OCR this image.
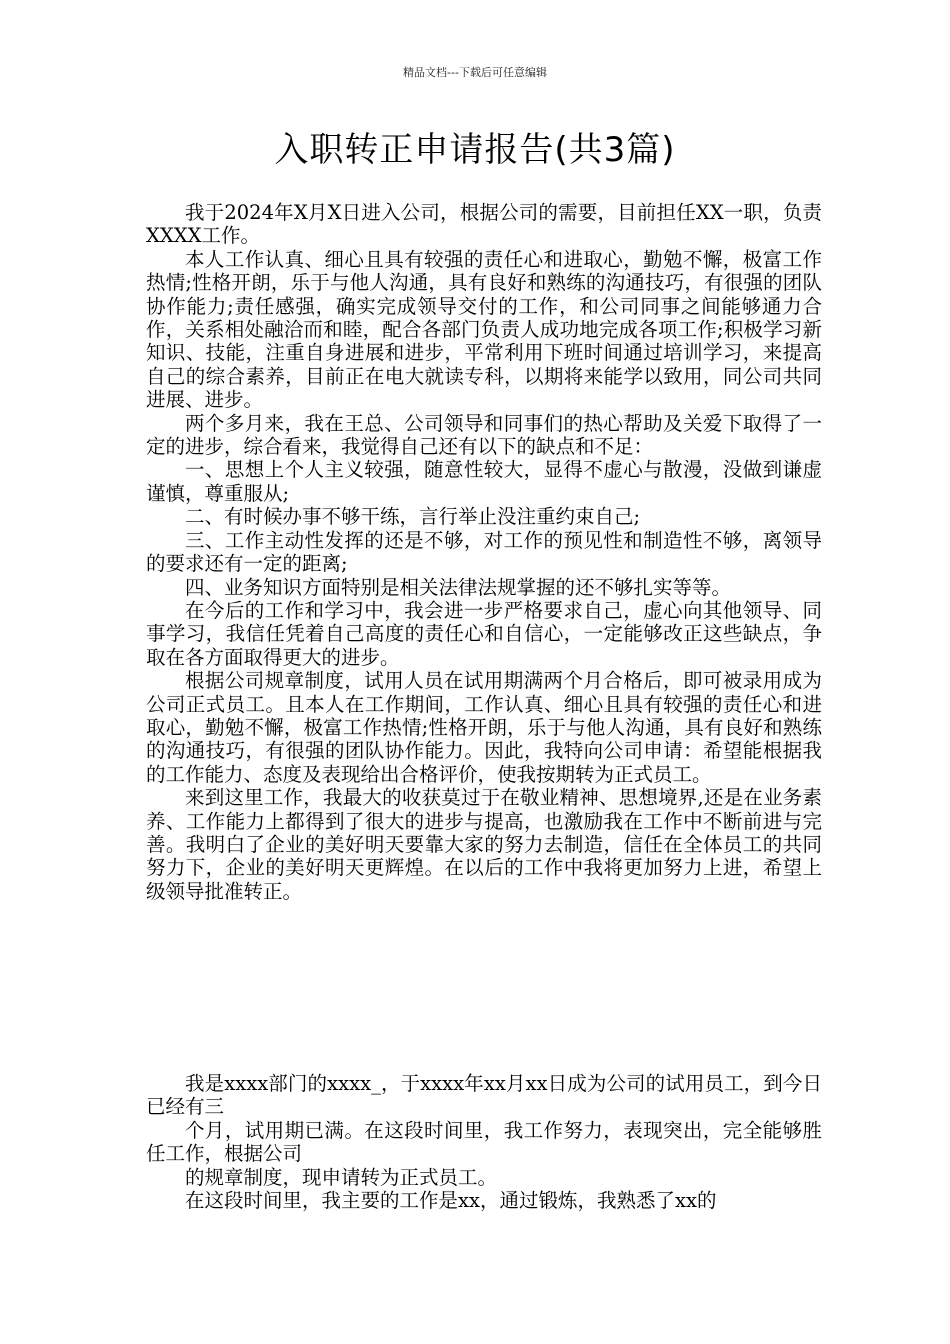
精品文档---下载后可任意编辑
入职转正申请报告(共3篇)

我于2024年X月X日进入公司，根据公司的需要，目前担任XX一职，负责XXXX工作。

本人工作认真、细心且具有较强的责任心和进取心，勤勉不懈，极富工作热情;性格开朗，乐于与他人沟通，具有良好和熟练的沟通技巧，有很强的团队协作能力;责任感强，确实完成领导交付的工作，和公司同事之间能够通力合作，关系相处融洽而和睦，配合各部门负责人成功地完成各项工作;积极学习新知识、技能，注重自身进展和进步，平常利用下班时间通过培训学习，来提高自己的综合素养，目前正在电大就读专科，以期将来能学以致用，同公司共同进展、进步。

两个多月来，我在王总、公司领导和同事们的热心帮助及关爱下取得了一定的进步，综合看来，我觉得自己还有以下的缺点和不足：

一、思想上个人主义较强，随意性较大，显得不虚心与散漫，没做到谦虚谨慎，尊重服从;

二、有时候办事不够干练，言行举止没注重约束自己;

三、工作主动性发挥的还是不够，对工作的预见性和制造性不够，离领导的要求还有一定的距离;

四、业务知识方面特别是相关法律法规掌握的还不够扎实等等。

在今后的工作和学习中，我会进一步严格要求自己，虚心向其他领导、同事学习，我信任凭着自己高度的责任心和自信心，一定能够改正这些缺点，争取在各方面取得更大的进步。

根据公司规章制度，试用人员在试用期满两个月合格后，即可被录用成为公司正式员工。且本人在工作期间，工作认真、细心且具有较强的责任心和进取心，勤勉不懈，极富工作热情;性格开朗，乐于与他人沟通，具有良好和熟练的沟通技巧，有很强的团队协作能力。因此，我特向公司申请：希望能根据我的工作能力、态度及表现给出合格评价，使我按期转为正式员工。

来到这里工作，我最大的收获莫过于在敬业精神、思想境界,还是在业务素养、工作能力上都得到了很大的进步与提高，也激励我在工作中不断前进与完善。我明白了企业的美好明天要靠大家的努力去制造，信任在全体员工的共同努力下，企业的美好明天更辉煌。在以后的工作中我将更加努力上进，希望上级领导批准转正。

我是xxxx部门的xxxx_，于xxxx年xx月xx日成为公司的试用员工，到今日已经有三

个月，试用期已满。在这段时间里，我工作努力，表现突出，完全能够胜任工作，根据公司

的规章制度，现申请转为正式员工。

在这段时间里，我主要的工作是xx，通过锻炼，我熟悉了xx的
